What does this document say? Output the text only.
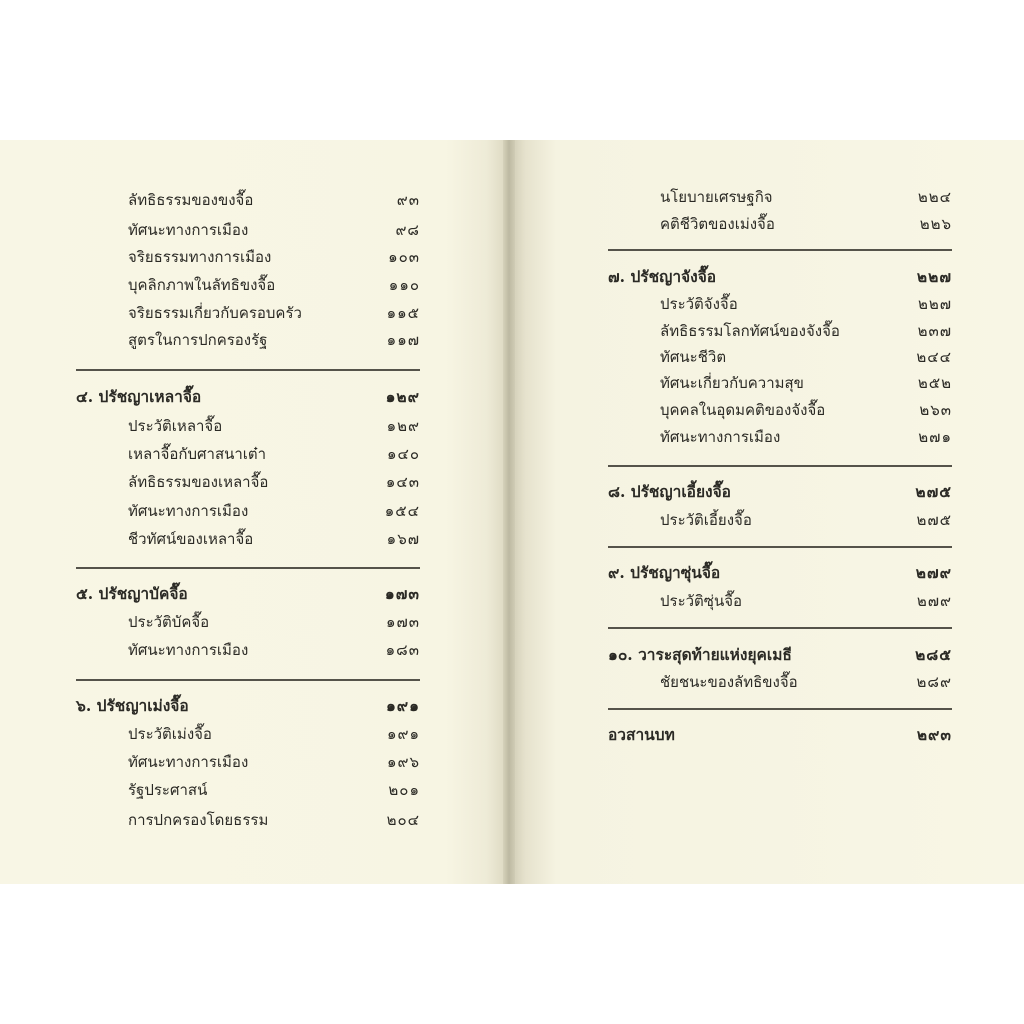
ลัทธิธรรมของขงจื๊อ	๙๓
ทัศนะทางการเมือง	๙๘
จริยธรรมทางการเมือง	๑๐๓
บุคลิกภาพในลัทธิขงจื๊อ	๑๑๐
จริยธรรมเกี่ยวกับครอบครัว	๑๑๕
สูตรในการปกครองรัฐ	๑๑๗
๔. ปรัชญาเหลาจื๊อ	๑๒๙
ประวัติเหลาจื๊อ	๑๒๙
เหลาจื๊อกับศาสนาเต๋า	๑๔๐
ลัทธิธรรมของเหลาจื๊อ	๑๔๓
ทัศนะทางการเมือง	๑๕๔
ชีวทัศน์ของเหลาจื๊อ	๑๖๗
๕. ปรัชญาบัคจื๊อ	๑๗๓
ประวัติบัคจื๊อ	๑๗๓
ทัศนะทางการเมือง	๑๘๓
๖. ปรัชญาเม่งจื๊อ	๑๙๑
ประวัติเม่งจื๊อ	๑๙๑
ทัศนะทางการเมือง	๑๙๖
รัฐประศาสน์	๒๐๑
การปกครองโดยธรรม	๒๐๔
นโยบายเศรษฐกิจ	๒๒๔
คติชีวิตของเม่งจื๊อ	๒๒๖
๗. ปรัชญาจังจื๊อ	๒๒๗
ประวัติจังจื๊อ	๒๒๗
ลัทธิธรรมโลกทัศน์ของจังจื๊อ	๒๓๗
ทัศนะชีวิต	๒๔๔
ทัศนะเกี่ยวกับความสุข	๒๕๒
บุคคลในอุดมคติของจังจื๊อ	๒๖๓
ทัศนะทางการเมือง	๒๗๑
๘. ปรัชญาเอี้ยงจื๊อ	๒๗๕
ประวัติเอี้ยงจื๊อ	๒๗๕
๙. ปรัชญาซุ่นจื๊อ	๒๗๙
ประวัติซุ่นจื๊อ	๒๗๙
๑๐. วาระสุดท้ายแห่งยุคเมธี	๒๘๕
ชัยชนะของลัทธิขงจื๊อ	๒๘๙
อวสานบท	๒๙๓
